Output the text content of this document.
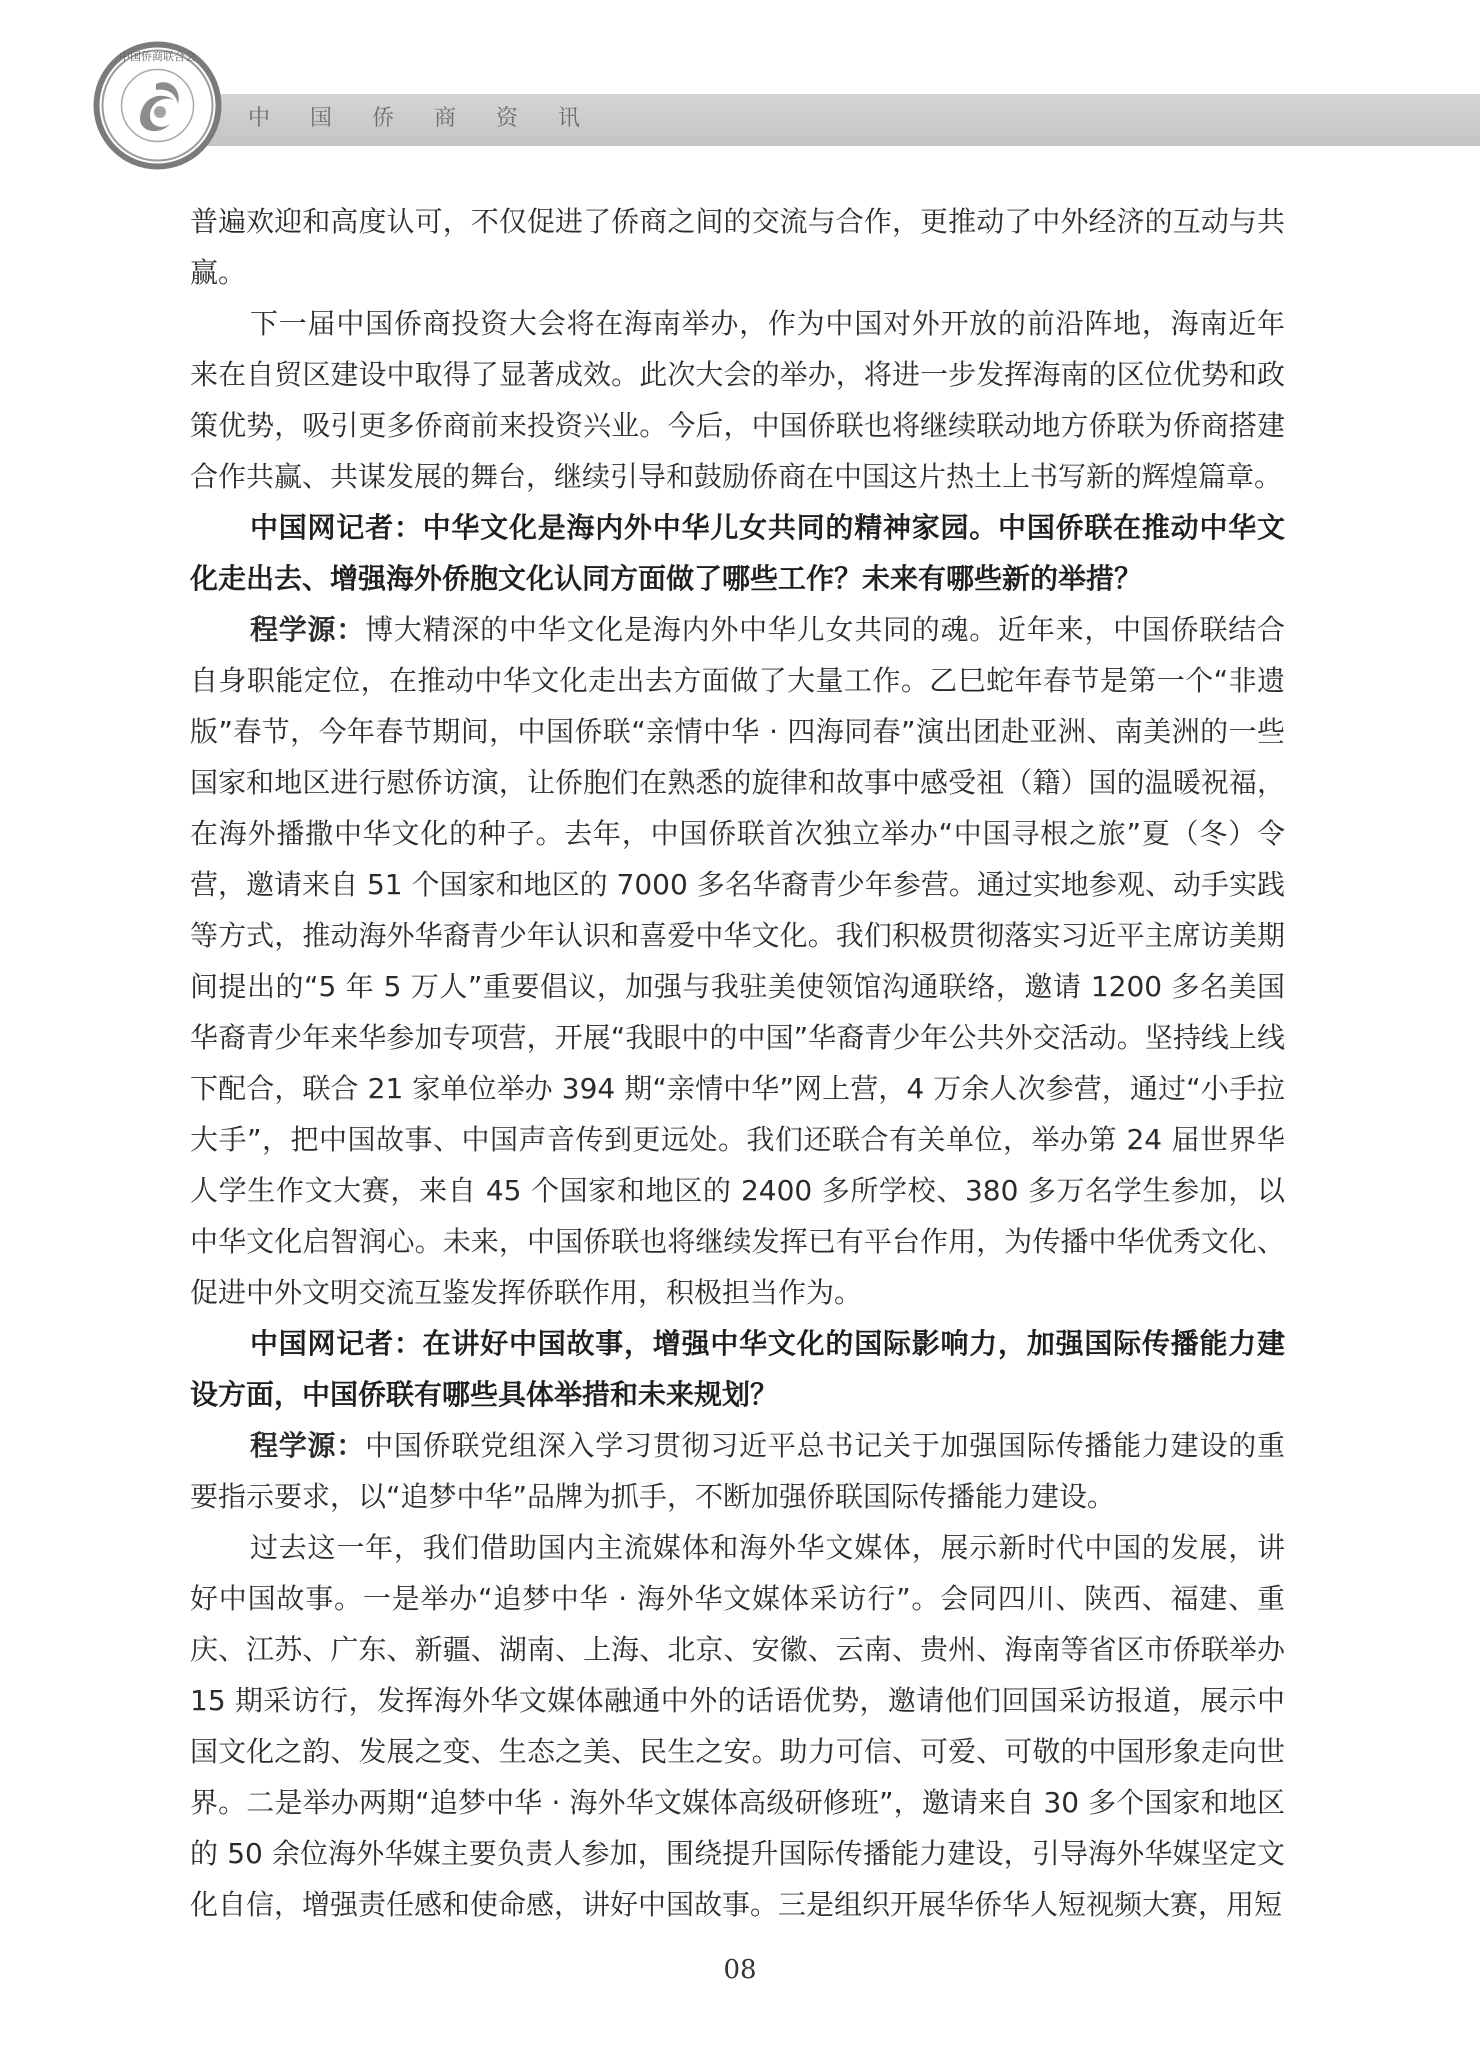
中国侨商联合会
中国侨商资讯

普遍欢迎和高度认可，不仅促进了侨商之间的交流与合作，更推动了中外经济的互动与共赢。

下一届中国侨商投资大会将在海南举办，作为中国对外开放的前沿阵地，海南近年来在自贸区建设中取得了显著成效。此次大会的举办，将进一步发挥海南的区位优势和政策优势，吸引更多侨商前来投资兴业。今后，中国侨联也将继续联动地方侨联为侨商搭建合作共赢、共谋发展的舞台，继续引导和鼓励侨商在中国这片热土上书写新的辉煌篇章。

中国网记者：中华文化是海内外中华儿女共同的精神家园。中国侨联在推动中华文化走出去、增强海外侨胞文化认同方面做了哪些工作？未来有哪些新的举措？

程学源：博大精深的中华文化是海内外中华儿女共同的魂。近年来，中国侨联结合自身职能定位，在推动中华文化走出去方面做了大量工作。乙巳蛇年春节是第一个“非遗版”春节，今年春节期间，中国侨联“亲情中华 · 四海同春”演出团赴亚洲、南美洲的一些国家和地区进行慰侨访演，让侨胞们在熟悉的旋律和故事中感受祖（籍）国的温暖祝福，在海外播撒中华文化的种子。去年，中国侨联首次独立举办“中国寻根之旅”夏（冬）令营，邀请来自 51 个国家和地区的 7000 多名华裔青少年参营。通过实地参观、动手实践等方式，推动海外华裔青少年认识和喜爱中华文化。我们积极贯彻落实习近平主席访美期间提出的“5 年 5 万人”重要倡议，加强与我驻美使领馆沟通联络，邀请 1200 多名美国华裔青少年来华参加专项营，开展“我眼中的中国”华裔青少年公共外交活动。坚持线上线下配合，联合 21 家单位举办 394 期“亲情中华”网上营，4 万余人次参营，通过“小手拉大手”，把中国故事、中国声音传到更远处。我们还联合有关单位，举办第 24 届世界华人学生作文大赛，来自 45 个国家和地区的 2400 多所学校、380 多万名学生参加，以中华文化启智润心。未来，中国侨联也将继续发挥已有平台作用，为传播中华优秀文化、促进中外文明交流互鉴发挥侨联作用，积极担当作为。

中国网记者：在讲好中国故事，增强中华文化的国际影响力，加强国际传播能力建设方面，中国侨联有哪些具体举措和未来规划？

程学源：中国侨联党组深入学习贯彻习近平总书记关于加强国际传播能力建设的重要指示要求，以“追梦中华”品牌为抓手，不断加强侨联国际传播能力建设。

过去这一年，我们借助国内主流媒体和海外华文媒体，展示新时代中国的发展，讲好中国故事。一是举办“追梦中华 · 海外华文媒体采访行”。会同四川、陕西、福建、重庆、江苏、广东、新疆、湖南、上海、北京、安徽、云南、贵州、海南等省区市侨联举办 15 期采访行，发挥海外华文媒体融通中外的话语优势，邀请他们回国采访报道，展示中国文化之韵、发展之变、生态之美、民生之安。助力可信、可爱、可敬的中国形象走向世界。二是举办两期“追梦中华 · 海外华文媒体高级研修班”，邀请来自 30 多个国家和地区的 50 余位海外华媒主要负责人参加，围绕提升国际传播能力建设，引导海外华媒坚定文化自信，增强责任感和使命感，讲好中国故事。三是组织开展华侨华人短视频大赛，用短

08
